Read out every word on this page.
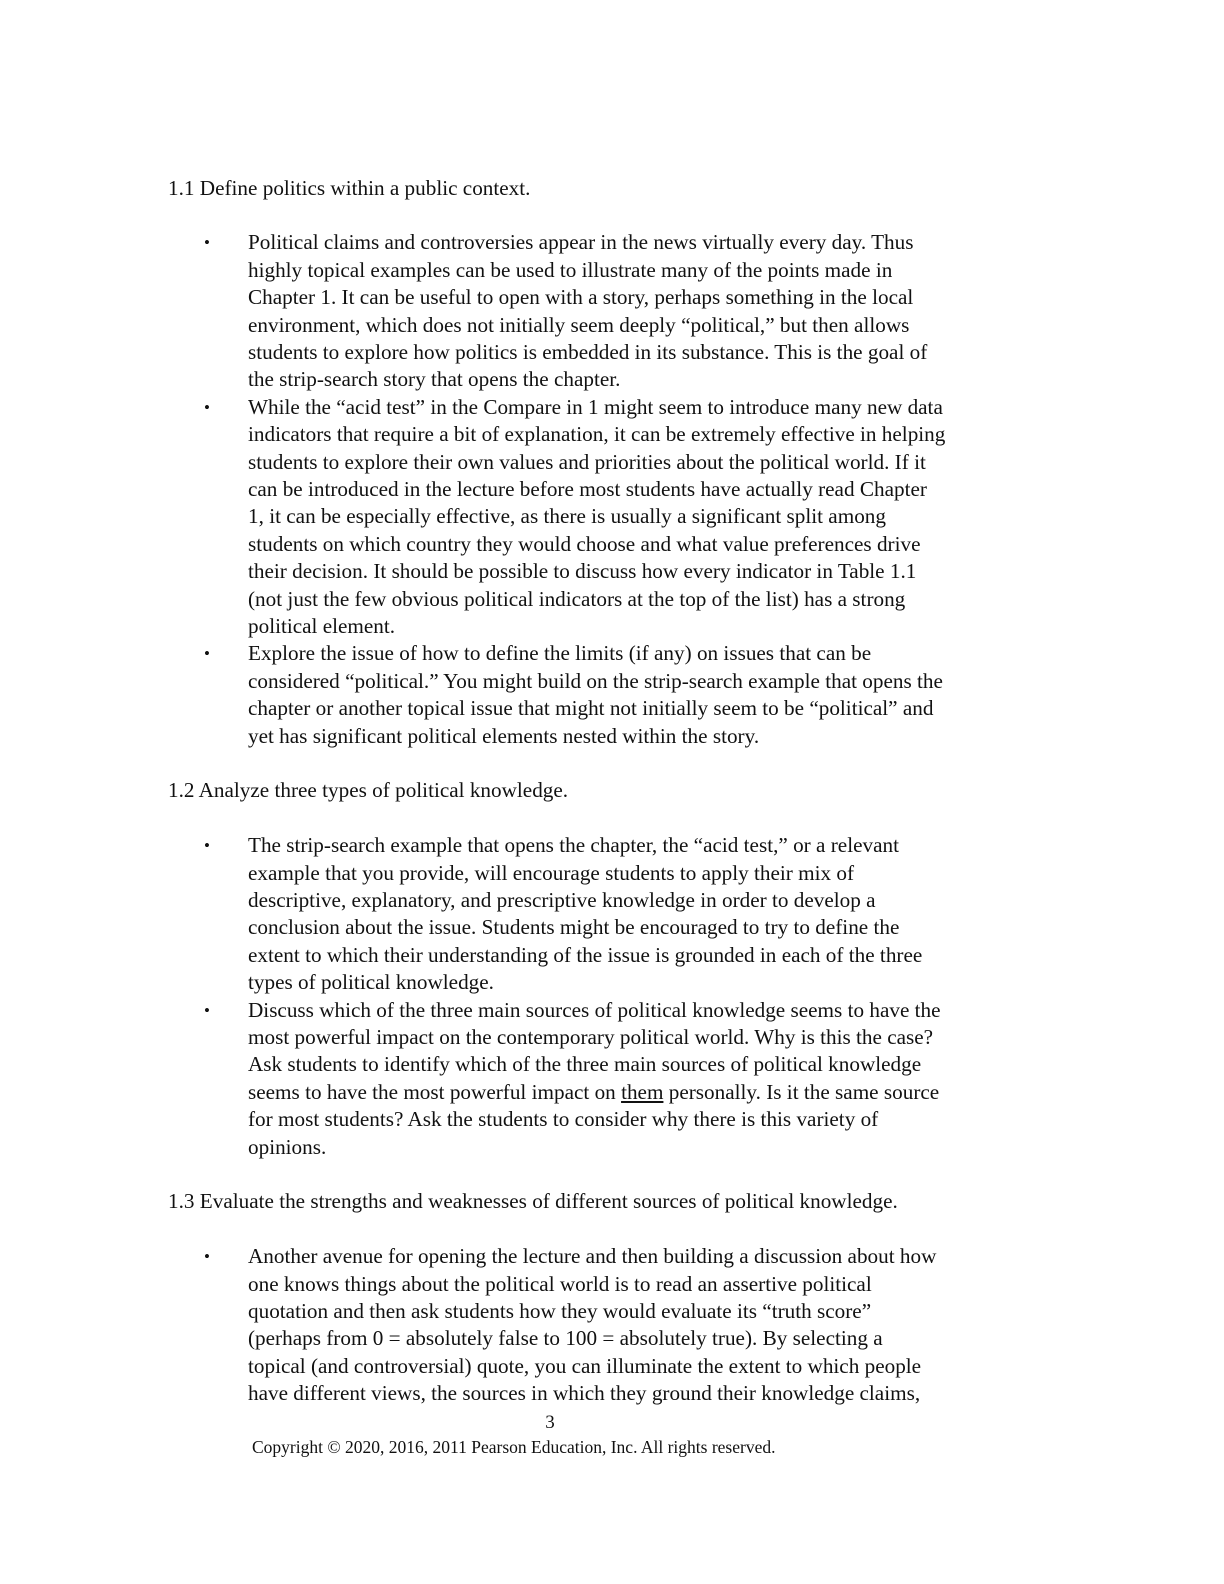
1.1 Define politics within a public context.
• Political claims and controversies appear in the news virtually every day. Thus
highly topical examples can be used to illustrate many of the points made in
Chapter 1. It can be useful to open with a story, perhaps something in the local
environment, which does not initially seem deeply “political,” but then allows
students to explore how politics is embedded in its substance. This is the goal of
the strip-search story that opens the chapter.
• While the “acid test” in the Compare in 1 might seem to introduce many new data
indicators that require a bit of explanation, it can be extremely effective in helping
students to explore their own values and priorities about the political world. If it
can be introduced in the lecture before most students have actually read Chapter
1, it can be especially effective, as there is usually a significant split among
students on which country they would choose and what value preferences drive
their decision. It should be possible to discuss how every indicator in Table 1.1
(not just the few obvious political indicators at the top of the list) has a strong
political element.
• Explore the issue of how to define the limits (if any) on issues that can be
considered “political.” You might build on the strip-search example that opens the
chapter or another topical issue that might not initially seem to be “political” and
yet has significant political elements nested within the story.
1.2 Analyze three types of political knowledge.
• The strip-search example that opens the chapter, the “acid test,” or a relevant
example that you provide, will encourage students to apply their mix of
descriptive, explanatory, and prescriptive knowledge in order to develop a
conclusion about the issue. Students might be encouraged to try to define the
extent to which their understanding of the issue is grounded in each of the three
types of political knowledge.
• Discuss which of the three main sources of political knowledge seems to have the
most powerful impact on the contemporary political world. Why is this the case?
Ask students to identify which of the three main sources of political knowledge
seems to have the most powerful impact on them personally. Is it the same source
for most students? Ask the students to consider why there is this variety of
opinions.
1.3 Evaluate the strengths and weaknesses of different sources of political knowledge.
• Another avenue for opening the lecture and then building a discussion about how
one knows things about the political world is to read an assertive political
quotation and then ask students how they would evaluate its “truth score”
(perhaps from 0 = absolutely false to 100 = absolutely true). By selecting a
topical (and controversial) quote, you can illuminate the extent to which people
have different views, the sources in which they ground their knowledge claims,
3
Copyright © 2020, 2016, 2011 Pearson Education, Inc. All rights reserved.
